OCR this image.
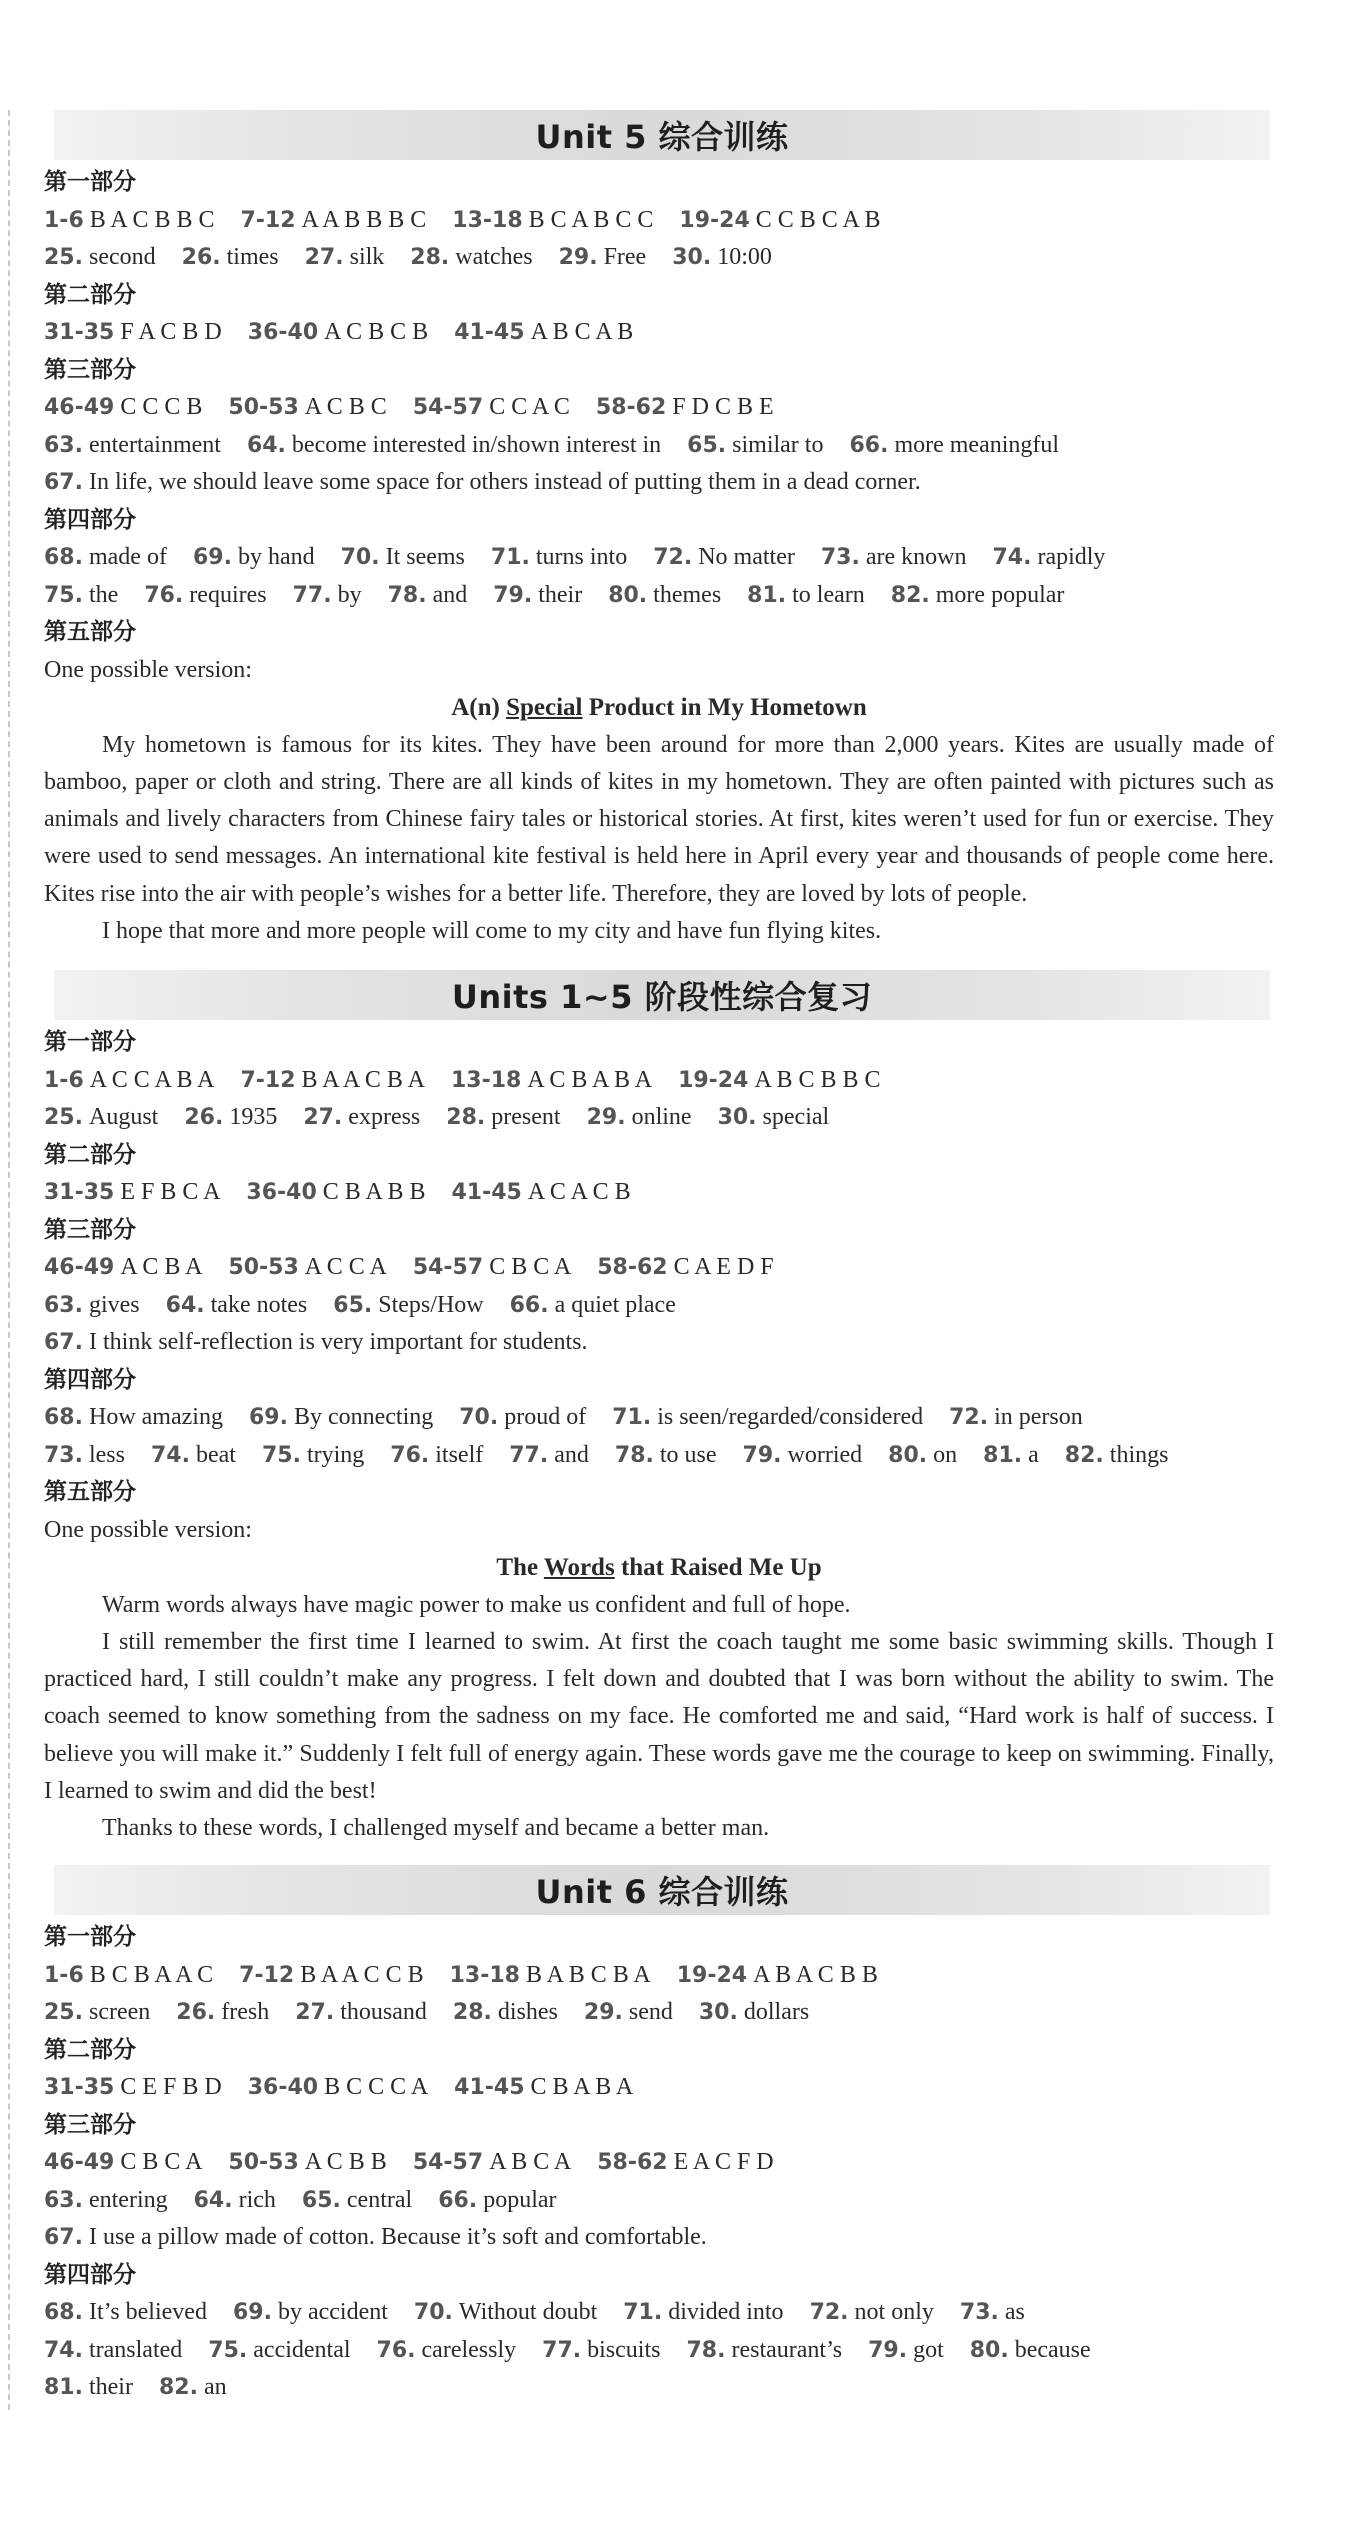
Unit 5 综合训练
第一部分
1-6 B A C B B C 7-12 A A B B B C 13-18 B C A B C C 19-24 C C B C A B
25. second 26. times 27. silk 28. watches 29. Free 30. 10:00
第二部分
31-35 F A C B D 36-40 A C B C B 41-45 A B C A B
第三部分
46-49 C C C B 50-53 A C B C 54-57 C C A C 58-62 F D C B E
63. entertainment 64. become interested in/shown interest in 65. similar to 66. more meaningful
67. In life, we should leave some space for others instead of putting them in a dead corner.
第四部分
68. made of 69. by hand 70. It seems 71. turns into 72. No matter 73. are known 74. rapidly
75. the 76. requires 77. by 78. and 79. their 80. themes 81. to learn 82. more popular
第五部分
One possible version:
A(n) Special Product in My Hometown
My hometown is famous for its kites. They have been around for more than 2,000 years. Kites are usually made of bamboo, paper or cloth and string. There are all kinds of kites in my hometown. They are often painted with pictures such as animals and lively characters from Chinese fairy tales or historical stories. At first, kites weren’t used for fun or exercise. They were used to send messages. An international kite festival is held here in April every year and thousands of people come here. Kites rise into the air with people’s wishes for a better life. Therefore, they are loved by lots of people.
I hope that more and more people will come to my city and have fun flying kites.
Units 1~5 阶段性综合复习
第一部分
1-6 A C C A B A 7-12 B A A C B A 13-18 A C B A B A 19-24 A B C B B C
25. August 26. 1935 27. express 28. present 29. online 30. special
第二部分
31-35 E F B C A 36-40 C B A B B 41-45 A C A C B
第三部分
46-49 A C B A 50-53 A C C A 54-57 C B C A 58-62 C A E D F
63. gives 64. take notes 65. Steps/How 66. a quiet place
67. I think self-reflection is very important for students.
第四部分
68. How amazing 69. By connecting 70. proud of 71. is seen/regarded/considered 72. in person
73. less 74. beat 75. trying 76. itself 77. and 78. to use 79. worried 80. on 81. a 82. things
第五部分
One possible version:
The Words that Raised Me Up
Warm words always have magic power to make us confident and full of hope.
I still remember the first time I learned to swim. At first the coach taught me some basic swimming skills. Though I practiced hard, I still couldn’t make any progress. I felt down and doubted that I was born without the ability to swim. The coach seemed to know something from the sadness on my face. He comforted me and said, “Hard work is half of success. I believe you will make it.” Suddenly I felt full of energy again. These words gave me the courage to keep on swimming. Finally, I learned to swim and did the best!
Thanks to these words, I challenged myself and became a better man.
Unit 6 综合训练
第一部分
1-6 B C B A A C 7-12 B A A C C B 13-18 B A B C B A 19-24 A B A C B B
25. screen 26. fresh 27. thousand 28. dishes 29. send 30. dollars
第二部分
31-35 C E F B D 36-40 B C C C A 41-45 C B A B A
第三部分
46-49 C B C A 50-53 A C B B 54-57 A B C A 58-62 E A C F D
63. entering 64. rich 65. central 66. popular
67. I use a pillow made of cotton. Because it’s soft and comfortable.
第四部分
68. It’s believed 69. by accident 70. Without doubt 71. divided into 72. not only 73. as
74. translated 75. accidental 76. carelessly 77. biscuits 78. restaurant’s 79. got 80. because
81. their 82. an
